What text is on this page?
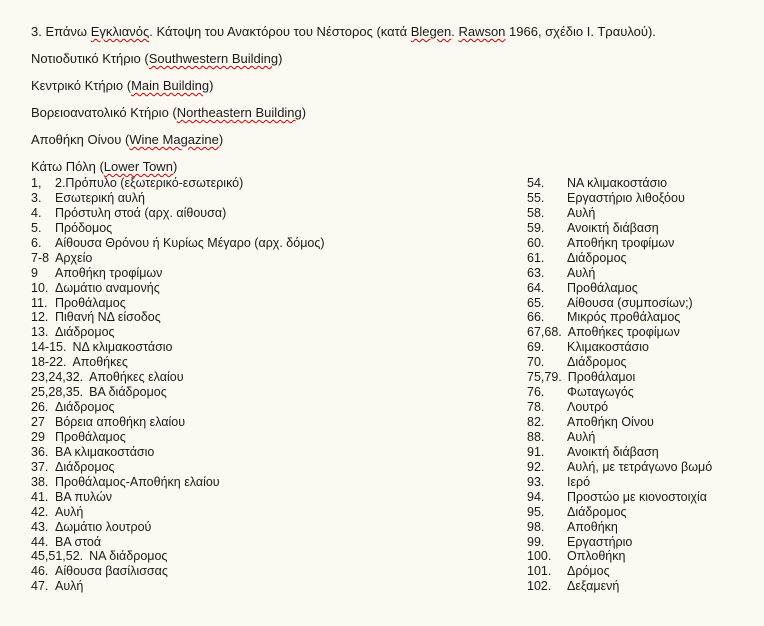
3. Επάνω Εγκλιανός. Κάτοψη του Ανακτόρου του Νέστορος (κατά Blegen. Rawson 1966, σχέδιο Ι. Τραυλού).
Νοτιοδυτικό Κτήριο (Southwestern Building)
Κεντρικό Κτήριο (Main Building)
Βορειοανατολικό Κτήριο (Northeastern Building)
Αποθήκη Οίνου (Wine Magazine)
Κάτω Πόλη (Lower Town)
1,	2.Πρόπυλο (εξωτερικό-εσωτερικό)
3.	Εσωτερική αυλή
4.	Πρόστυλη στοά (αρχ. αίθουσα)
5.	Πρόδομος
6.	Αίθουσα Θρόνου ή Κυρίως Μέγαρο (αρχ. δόμος)
7-8 Αρχείο
9	Αποθήκη τροφίμων
10. Δωμάτιο αναμονής
11. Προθάλαμος
12. Πιθανή ΝΔ είσοδος
13. Διάδρομος
14-15. ΝΔ κλιμακοστάσιο
18-22. Αποθήκες
23,24,32. Αποθήκες ελαίου
25,28,35. ΒΑ διάδρομος
26. Διάδρομος
27 Βόρεια αποθήκη ελαίου
29 Προθάλαμος
36. ΒΑ κλιμακοστάσιο
37. Διάδρομος
38. Προθάλαμος-Αποθήκη ελαίου
41. ΒΑ πυλών
42. Αυλή
43. Δωμάτιο λουτρού
44. ΒΑ στοά
45,51,52. ΝΑ διάδρομος
46. Αίθουσα βασίλισσας
47. Αυλή
54.	ΝΑ κλιμακοστάσιο
55.	Εργαστήριο λιθοξόου
58.	Αυλή
59.	Ανοικτή διάβαση
60.	Αποθήκη τροφίμων
61.	Διάδρομος
63.	Αυλή
64.	Προθάλαμος
65.	Αίθουσα (συμποσίων;)
66.	Μικρός προθάλαμος
67,68. Αποθήκες τροφίμων
69.	Κλιμακοστάσιο
70.	Διάδρομος
75,79. Προθάλαμοι
76.	Φωταγωγός
78.	Λουτρό
82.	Αποθήκη Οίνου
88.	Αυλή
91.	Ανοικτή διάβαση
92.	Αυλή, με τετράγωνο βωμό
93.	Ιερό
94.	Προστώο με κιονοστοιχία
95.	Διάδρομος
98.	Αποθήκη
99.	Εργαστήριο
100.	Οπλοθήκη
101.	Δρόμος
102.	Δεξαμενή
